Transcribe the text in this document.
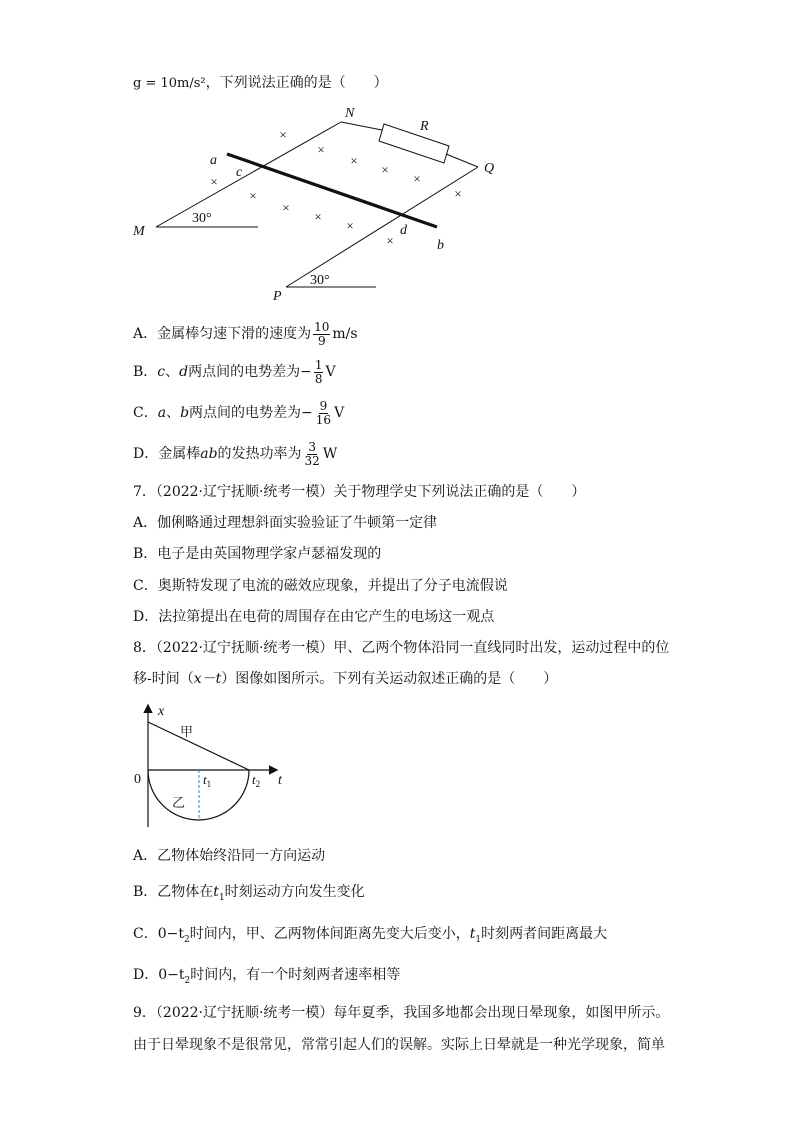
g = 10m/s²，下列说法正确的是（　　）
N
R
Q
a
c
M	d
b
P
30°
30°
×
×
×
×
×
×
×
×
×
×
×
×
A．金属棒匀速下滑的速度为 $\frac{10}{9} m/s$
B．c、d两点间的电势差为− $\frac{1}{8}$ V
C．a、b两点间的电势差为− $\frac{9}{16}$ V
D．金属棒ab的发热功率为 $\frac{3}{32}$ W
7．（2022·辽宁抚顺·统考一模）关于物理学史下列说法正确的是（　　）
A．伽俐略通过理想斜面实验验证了牛顿第一定律
B．电子是由英国物理学家卢瑟福发现的
C．奥斯特发现了电流的磁效应现象，并提出了分子电流假说
D．法拉第提出在电荷的周围存在由它产生的电场这一观点
8．（2022·辽宁抚顺·统考一模）甲、乙两个物体沿同一直线同时出发，运动过程中的位
移-时间（x－t）图像如图所示。下列有关运动叙述正确的是（　　）
x
t
0	$t_1$	$t_2$
甲
乙
A．乙物体始终沿同一方向运动
B．乙物体在$t_1$时刻运动方向发生变化
C．$0-t_2$时间内，甲、乙两物体间距离先变大后变小，$t_1$时刻两者间距离最大
D．$0-t_2$时间内，有一个时刻两者速率相等
9．（2022·辽宁抚顺·统考一模）每年夏季，我国多地都会出现日晕现象，如图甲所示。
由于日晕现象不是很常见，常常引起人们的误解。实际上日晕就是一种光学现象，简单
